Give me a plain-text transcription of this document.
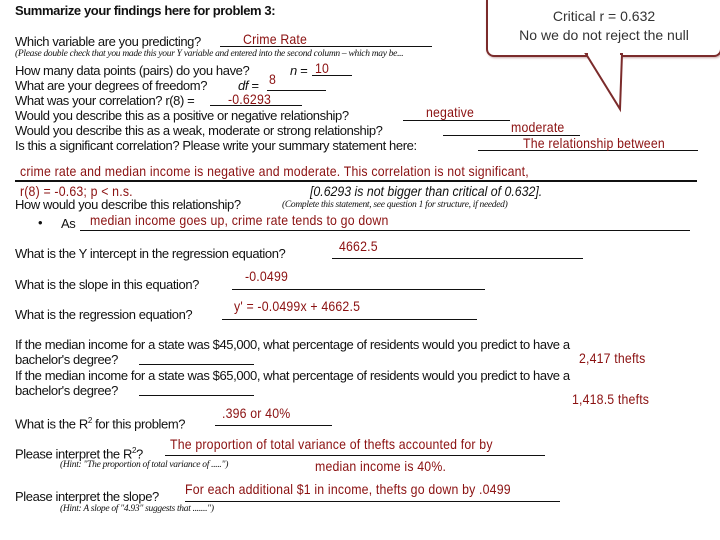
Summarize your findings here for problem 3:	Critical r = 0.632
No we do not reject the null
Which variable are you predicting?	Crime Rate
(Please double check that you made this your Y variable and entered into the second column – which may be...
How many data points (pairs) do you have?	n = 10
What are your degrees of freedom? df = 8
What was your correlation? r(8) = -0.6293
Would you describe this as a positive or negative relationship?	negative
Would you describe this as a weak, moderate or strong relationship?	moderate
Is this a significant correlation? Please write your summary statement here:	The relationship between
crime rate and median income is negative and moderate. This correlation is not significant,
r(8) = -0.63; p < n.s.	[0.6293 is not bigger than critical of 0.632].
How would you describe this relationship?	(Complete this statement, see question 1 for structure, if needed)
• As median income goes up, crime rate tends to go down
What is the Y intercept in the regression equation?	4662.5
What is the slope in this equation?
-0.0499
What is the regression equation?
y' = -0.0499x + 4662.5
If the median income for a state was $45,000, what percentage of residents would you predict to have a
bachelor's degree?	2,417 thefts
If the median income for a state was $65,000, what percentage of residents would you predict to have a
bachelor's degree?
1,418.5 thefts
What is the $R^2$ for this problem?
.396 or 40%
Please interpret the $R^2$?
The proportion of total variance of thefts accounted for by
(Hint: "The proportion of total variance of .....")	median income is 40%.
Please interpret the slope? For each additional $1 in income, thefts go down by .0499
(Hint: A slope of "4.93" suggests that .......")
